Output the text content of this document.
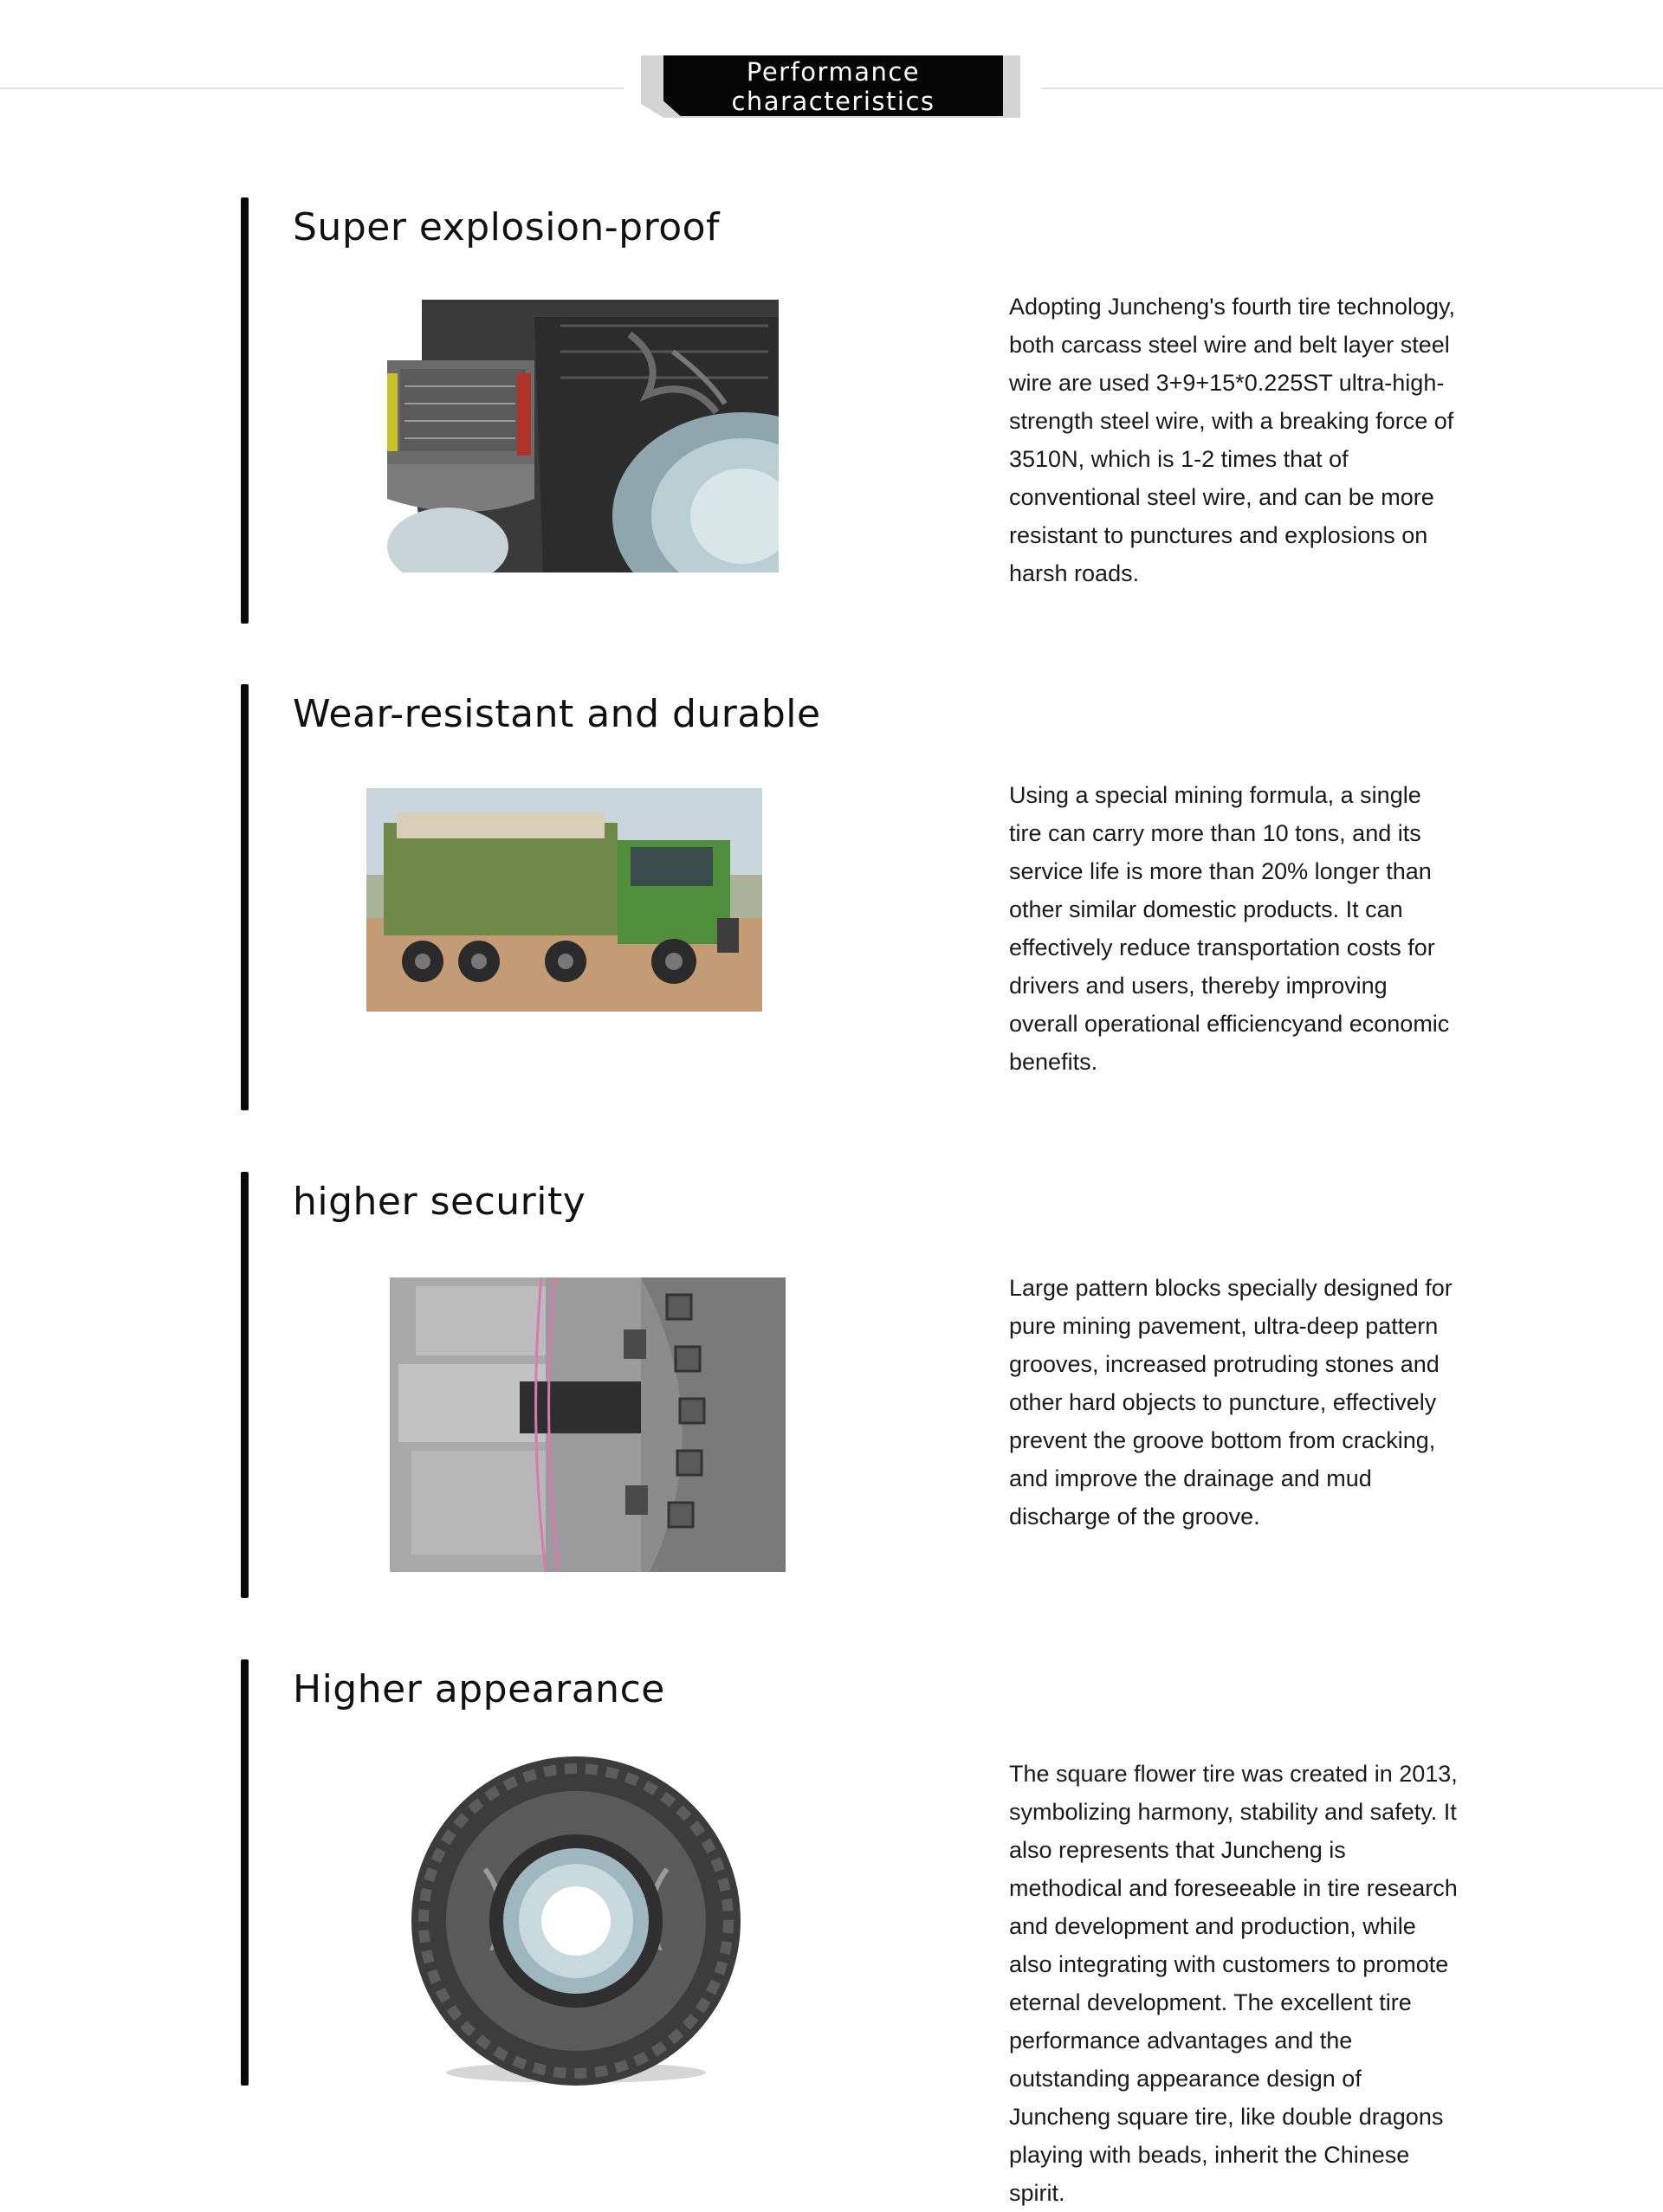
Performance
characteristics
Super explosion-proof

Adopting Juncheng's fourth tire technology, both carcass steel wire and belt layer steel wire are used 3+9+15*0.225ST ultra-high-strength steel wire, with a breaking force of 3510N, which is 1-2 times that of conventional steel wire, and can be more resistant to punctures and explosions on harsh roads.

Wear-resistant and durable

Using a special mining formula, a single tire can carry more than 10 tons, and its service life is more than 20% longer than other similar domestic products. It can effectively reduce transportation costs for drivers and users, thereby improving overall operational efficiencyand economic benefits.

higher security

Large pattern blocks specially designed for pure mining pavement, ultra-deep pattern grooves, increased protruding stones and other hard objects to puncture, effectively prevent the groove bottom from cracking, and improve the drainage and mud discharge of the groove.

Higher appearance

The square flower tire was created in 2013, symbolizing harmony, stability and safety. It also represents that Juncheng is methodical and foreseeable in tire research and development and production, while also integrating with customers to promote eternal development. The excellent tire performance advantages and the outstanding appearance design of Juncheng square tire, like double dragons playing with beads, inherit the Chinese spirit.
